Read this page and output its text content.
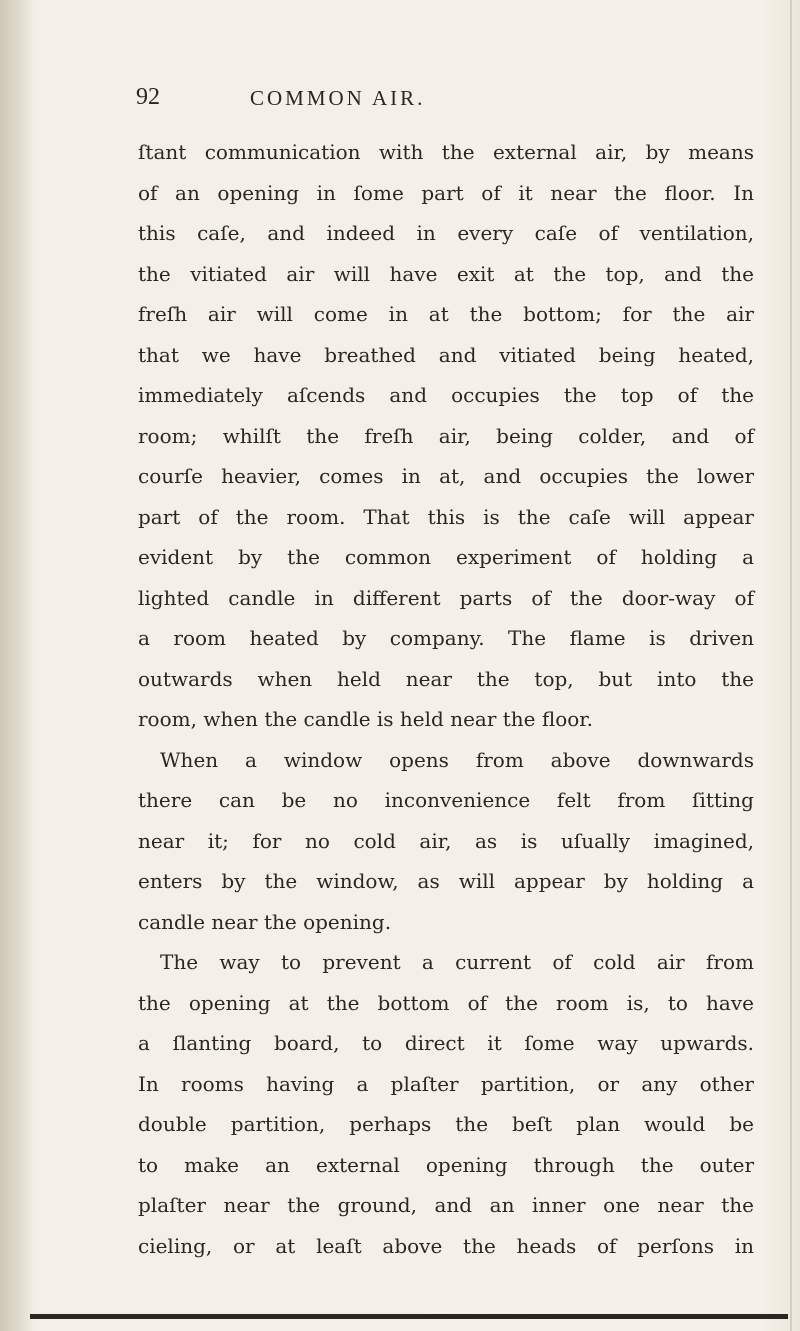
92	COMMON AIR.
ſtant communication with the external air, by means
of an opening in ſome part of it near the floor. In
this caſe, and indeed in every caſe of ventilation,
the vitiated air will have exit at the top, and the
freſh air will come in at the bottom; for the air
that we have breathed and vitiated being heated,
immediately aſcends and occupies the top of the
room; whilſt the freſh air, being colder, and of
courſe heavier, comes in at, and occupies the lower
part of the room. That this is the caſe will appear
evident by the common experiment of holding a
lighted candle in different parts of the door-way of
a room heated by company. The flame is driven
outwards when held near the top, but into the
room, when the candle is held near the floor.
When a window opens from above downwards
there can be no inconvenience felt from ſitting
near it; for no cold air, as is uſually imagined,
enters by the window, as will appear by holding a
candle near the opening.
The way to prevent a current of cold air from
the opening at the bottom of the room is, to have
a ſlanting board, to direct it ſome way upwards.
In rooms having a plaſter partition, or any other
double partition, perhaps the beſt plan would be
to make an external opening through the outer
plaſter near the ground, and an inner one near the
cieling, or at leaſt above the heads of perſons in
